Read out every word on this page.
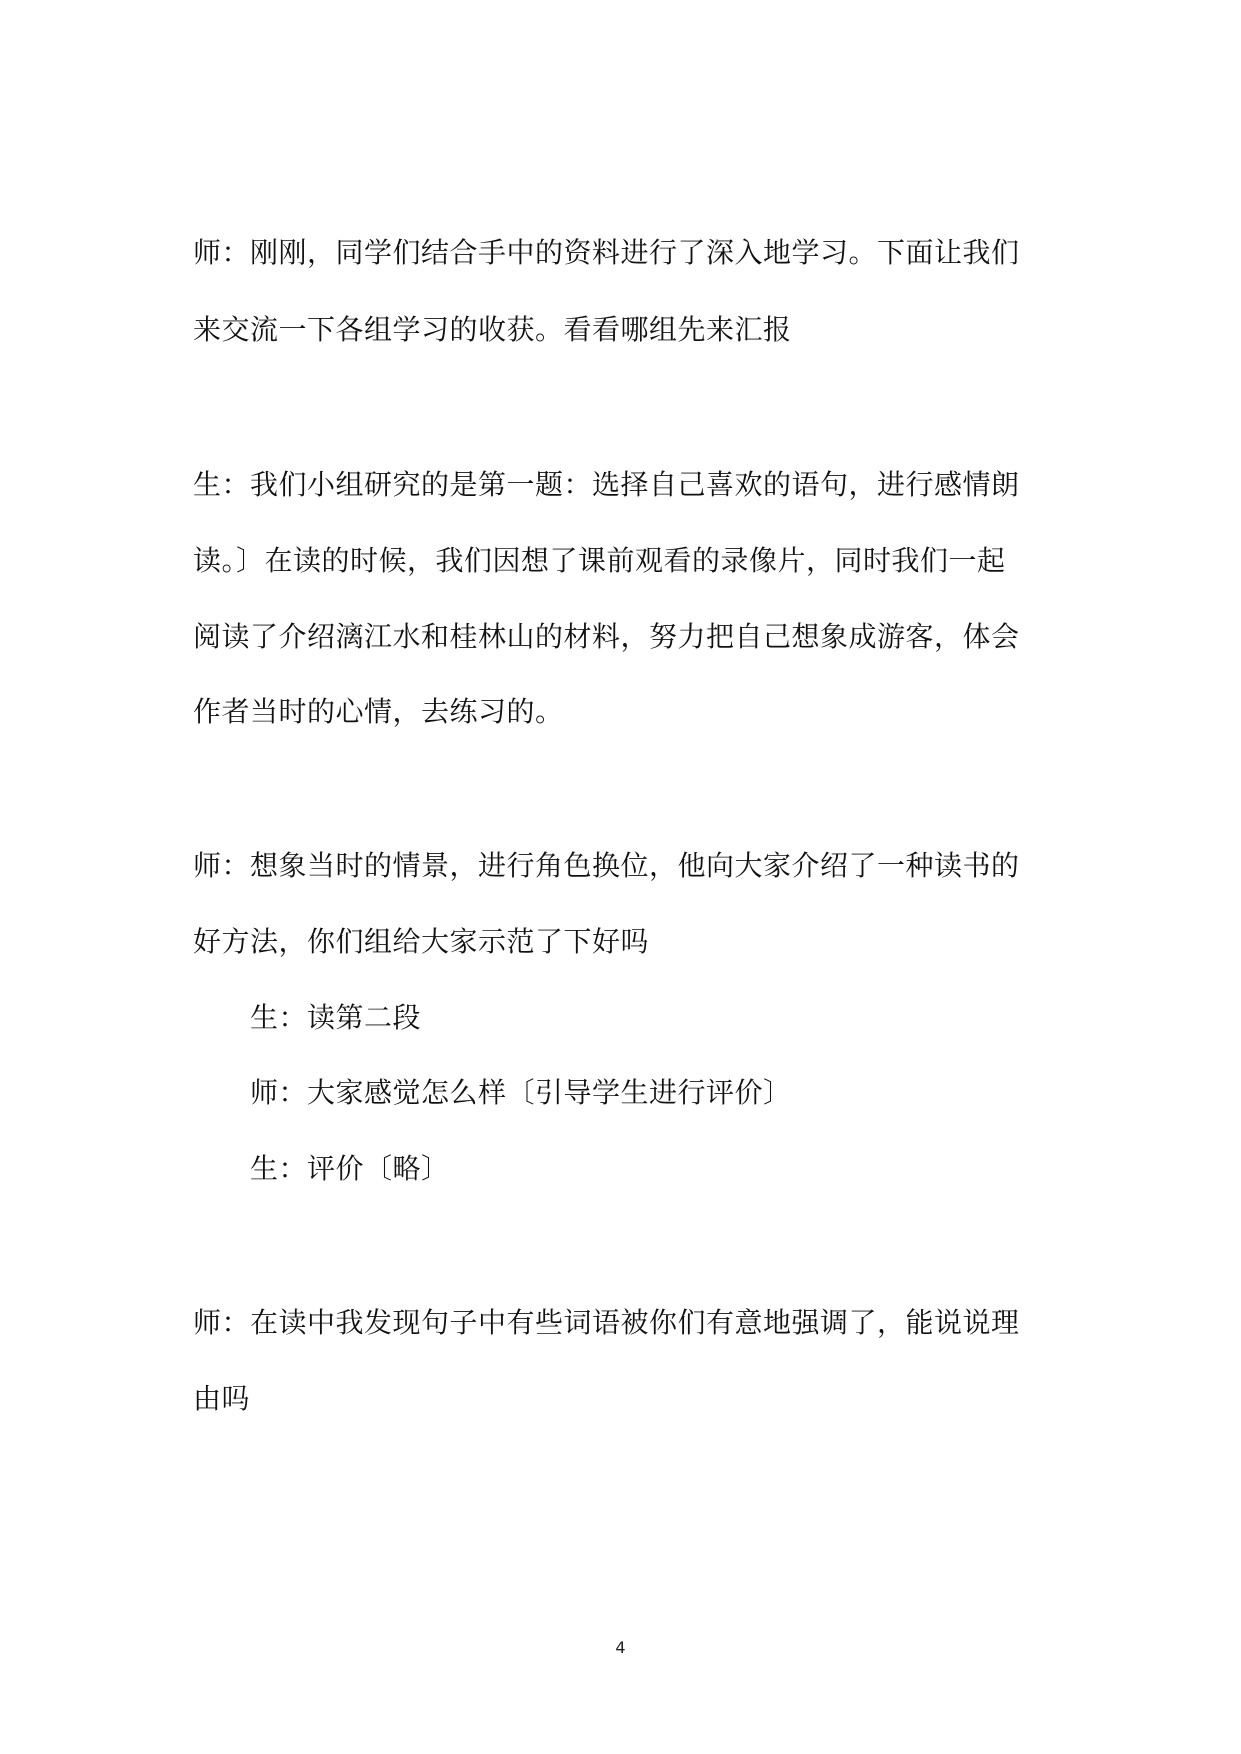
师：刚刚，同学们结合手中的资料进行了深入地学习。下面让我们
来交流一下各组学习的收获。看看哪组先来汇报
生：我们小组研究的是第一题：选择自己喜欢的语句，进行感情朗
读。〕在读的时候，我们因想了课前观看的录像片，同时我们一起
阅读了介绍漓江水和桂林山的材料，努力把自己想象成游客，体会
作者当时的心情，去练习的。
师：想象当时的情景，进行角色换位，他向大家介绍了一种读书的
好方法，你们组给大家示范了下好吗
生：读第二段
师：大家感觉怎么样〔引导学生进行评价〕
生：评价〔略〕
师：在读中我发现句子中有些词语被你们有意地强调了，能说说理
由吗
4
